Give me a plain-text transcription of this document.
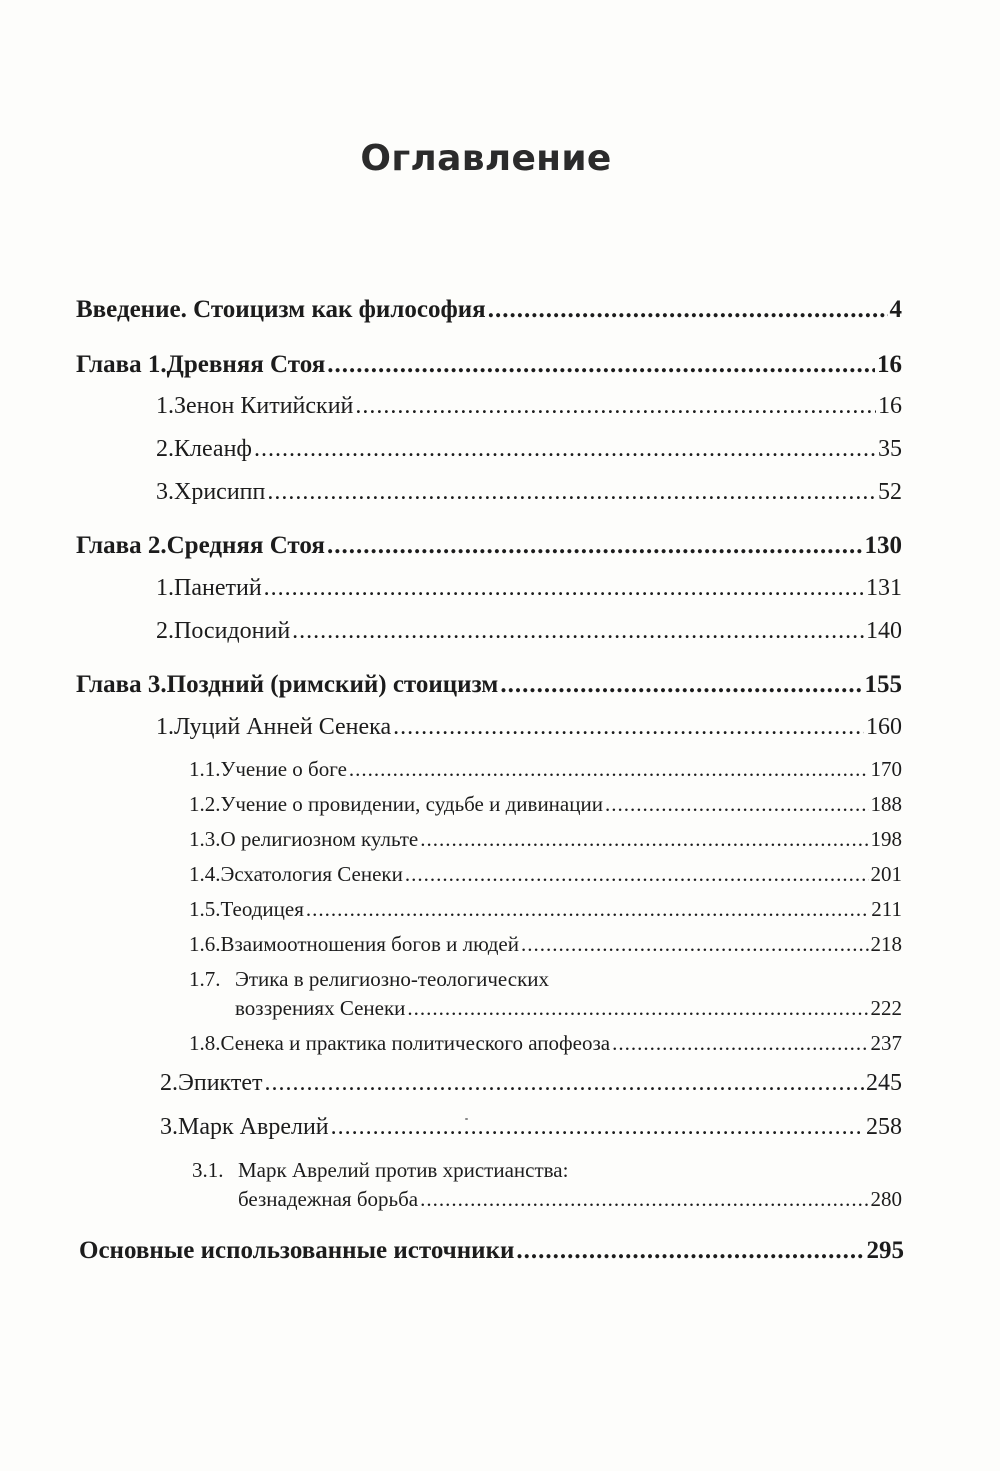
Оглавление
Введение. Стоицизм как философия .....	4
Глава 1. Древняя Стоя .....	16
1. Зенон Китийский .....	16
2. Клеанф .....	35
3. Хрисипп .....	52
Глава 2. Средняя Стоя .....	130
1. Панетий .....	131
2. Посидоний .....	140
Глава 3. Поздний (римский) стоицизм .....	155
1. Луций Анней Сенека .....	160
1.1. Учение о боге .....	170
1.2. Учение о провидении, судьбе и дивинации .....	188
1.3. О религиозном культе .....	198
1.4. Эсхатология Сенеки .....	201
1.5. Теодицея .....	211
1.6. Взаимоотношения богов и людей .....	218
1.7. Этика в религиозно-теологических
воззрениях Сенеки .....	222
1.8. Сенека и практика политического апофеоза .....	237
2. Эпиктет .....	245
3. Марк Аврелий .....	258
3.1. Марк Аврелий против христианства:
безнадежная борьба .....	280
Основные использованные источники .....	295
